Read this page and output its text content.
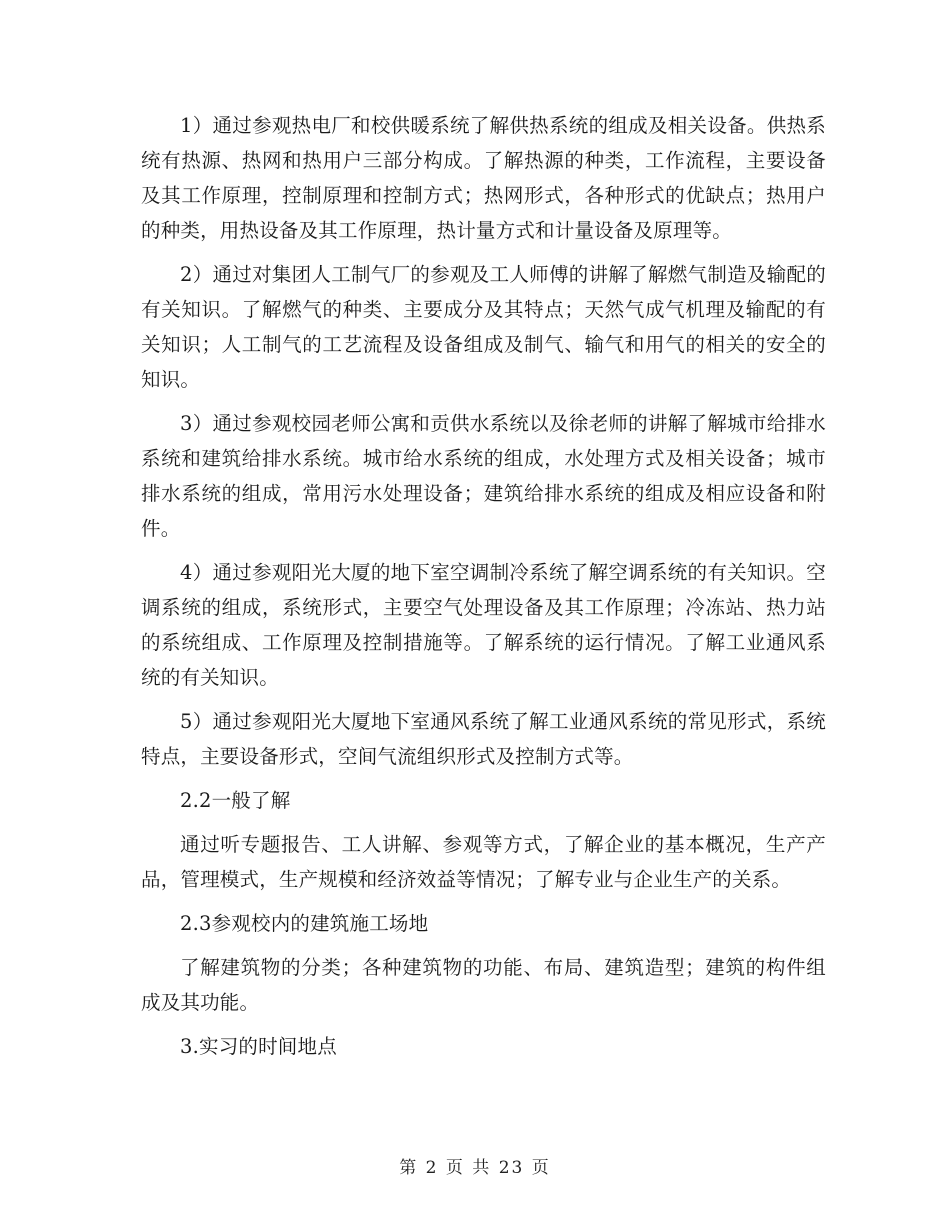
1）通过参观热电厂和校供暖系统了解供热系统的组成及相关设备。供热系统有热源、热网和热用户三部分构成。了解热源的种类，工作流程，主要设备及其工作原理，控制原理和控制方式；热网形式，各种形式的优缺点；热用户的种类，用热设备及其工作原理，热计量方式和计量设备及原理等。

2）通过对集团人工制气厂的参观及工人师傅的讲解了解燃气制造及输配的有关知识。了解燃气的种类、主要成分及其特点；天然气成气机理及输配的有关知识；人工制气的工艺流程及设备组成及制气、输气和用气的相关的安全的知识。

3）通过参观校园老师公寓和贡供水系统以及徐老师的讲解了解城市给排水系统和建筑给排水系统。城市给水系统的组成，水处理方式及相关设备；城市排水系统的组成，常用污水处理设备；建筑给排水系统的组成及相应设备和附件。

4）通过参观阳光大厦的地下室空调制冷系统了解空调系统的有关知识。空调系统的组成，系统形式，主要空气处理设备及其工作原理；冷冻站、热力站的系统组成、工作原理及控制措施等。了解系统的运行情况。了解工业通风系统的有关知识。

5）通过参观阳光大厦地下室通风系统了解工业通风系统的常见形式，系统特点，主要设备形式，空间气流组织形式及控制方式等。

2.2一般了解

通过听专题报告、工人讲解、参观等方式，了解企业的基本概况，生产产品，管理模式，生产规模和经济效益等情况；了解专业与企业生产的关系。

2.3参观校内的建筑施工场地

了解建筑物的分类；各种建筑物的功能、布局、建筑造型；建筑的构件组成及其功能。

3.实习的时间地点

第 2 页 共 23 页
